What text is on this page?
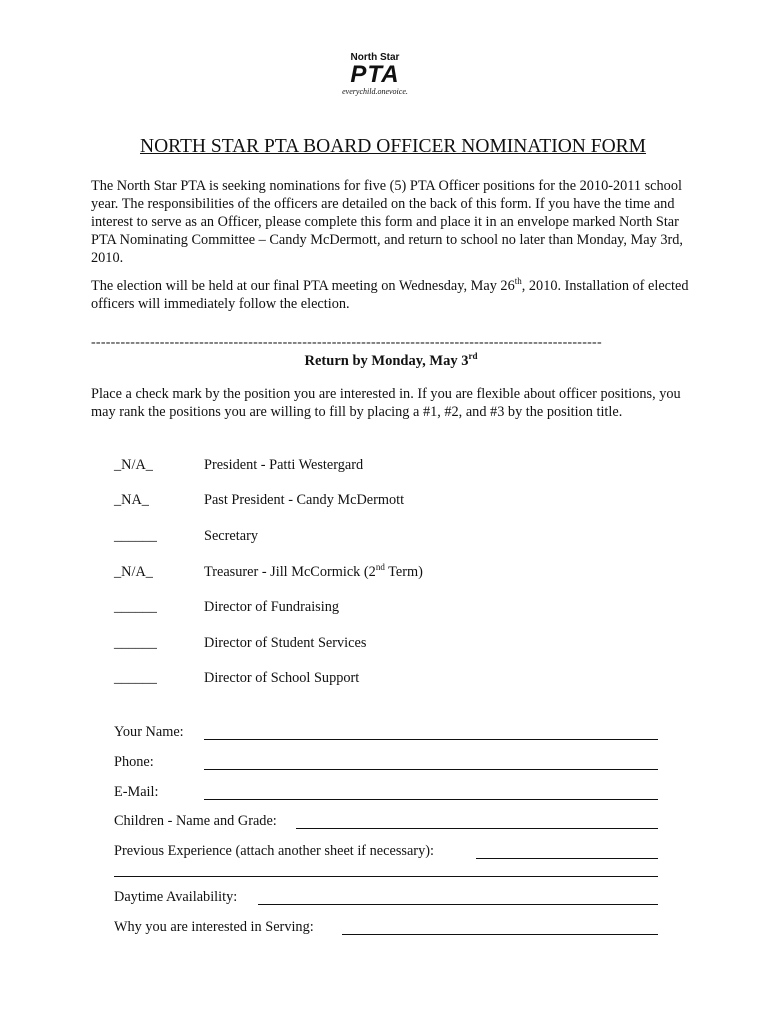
North Star
PTA
everychild.onevoice.
NORTH STAR PTA BOARD OFFICER NOMINATION FORM
The North Star PTA is seeking nominations for five (5) PTA Officer positions for the 2010-2011 school year. The responsibilities of the officers are detailed on the back of this form. If you have the time and interest to serve as an Officer, please complete this form and place it in an envelope marked North Star PTA Nominating Committee – Candy McDermott, and return to school no later than Monday, May 3rd, 2010.
The election will be held at our final PTA meeting on Wednesday, May 26th, 2010. Installation of elected officers will immediately follow the election.
--------------------------------------------------------------------------------------------------------
Return by Monday, May 3rd
Place a check mark by the position you are interested in. If you are flexible about officer positions, you may rank the positions you are willing to fill by placing a #1, #2, and #3 by the position title.
_N/A_	President - Patti Westergard
_NA_	Past President - Candy McDermott
______	Secretary
_N/A_	Treasurer - Jill McCormick (2nd Term)
______	Director of Fundraising
______	Director of Student Services
______	Director of School Support
Your Name:
Phone:
E-Mail:
Children - Name and Grade:
Previous Experience (attach another sheet if necessary):
Daytime Availability:
Why you are interested in Serving:
